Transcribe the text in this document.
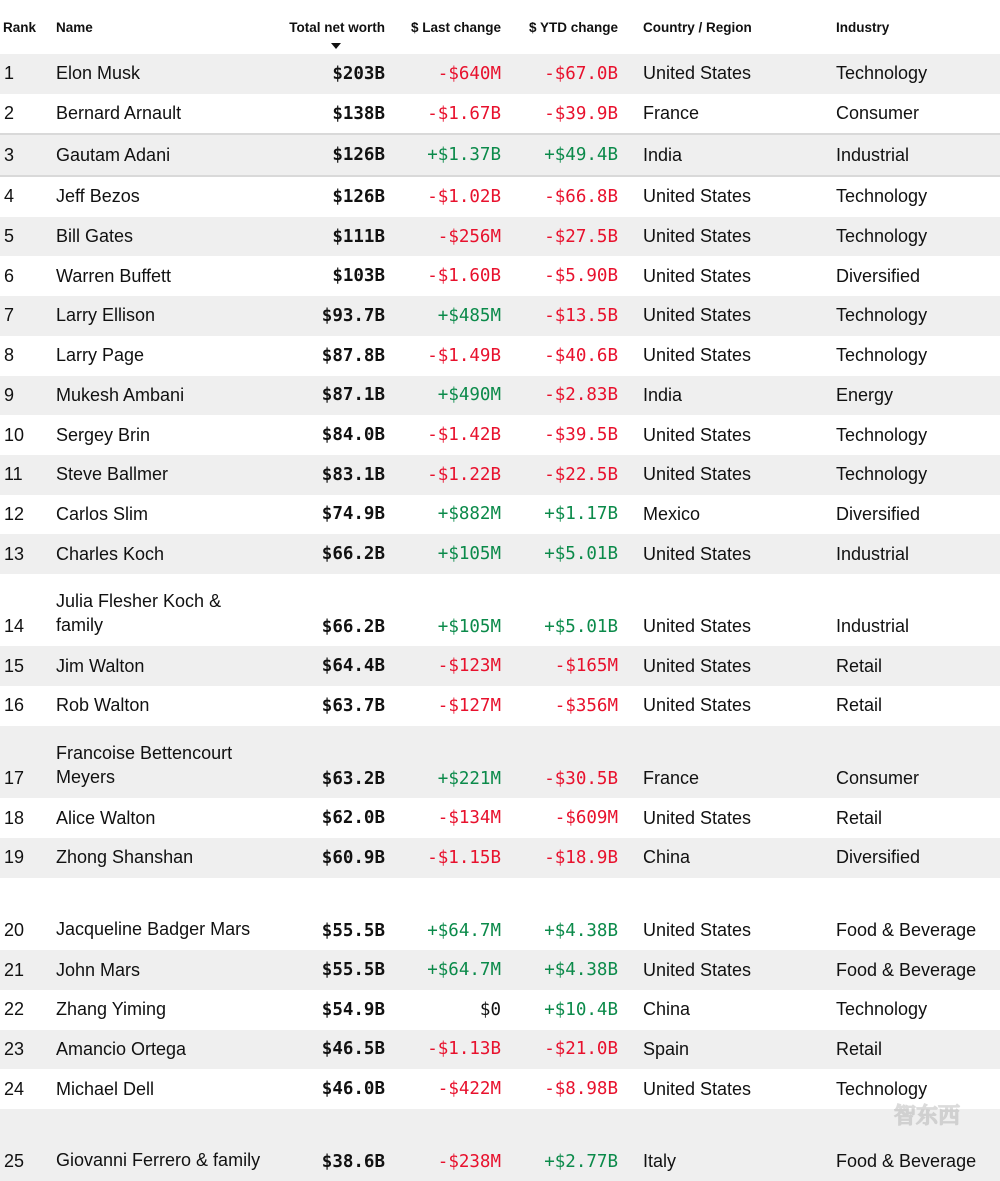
Rank	Name	Total net worth	$ Last change	$ YTD change	Country / Region	Industry
1	Elon Musk	$203B	-$640M	-$67.0B	United States	Technology
2	Bernard Arnault	$138B	-$1.67B	-$39.9B	France	Consumer
3	Gautam Adani	$126B	+$1.37B	+$49.4B	India	Industrial
4	Jeff Bezos	$126B	-$1.02B	-$66.8B	United States	Technology
5	Bill Gates	$111B	-$256M	-$27.5B	United States	Technology
6	Warren Buffett	$103B	-$1.60B	-$5.90B	United States	Diversified
7	Larry Ellison	$93.7B	+$485M	-$13.5B	United States	Technology
8	Larry Page	$87.8B	-$1.49B	-$40.6B	United States	Technology
9	Mukesh Ambani	$87.1B	+$490M	-$2.83B	India	Energy
10	Sergey Brin	$84.0B	-$1.42B	-$39.5B	United States	Technology
11	Steve Ballmer	$83.1B	-$1.22B	-$22.5B	United States	Technology
12	Carlos Slim	$74.9B	+$882M	+$1.17B	Mexico	Diversified
13	Charles Koch	$66.2B	+$105M	+$5.01B	United States	Industrial
14	Julia Flesher Koch & family	$66.2B	+$105M	+$5.01B	United States	Industrial
15	Jim Walton	$64.4B	-$123M	-$165M	United States	Retail
16	Rob Walton	$63.7B	-$127M	-$356M	United States	Retail
17	Francoise Bettencourt Meyers	$63.2B	+$221M	-$30.5B	France	Consumer
18	Alice Walton	$62.0B	-$134M	-$609M	United States	Retail
19	Zhong Shanshan	$60.9B	-$1.15B	-$18.9B	China	Diversified
20	Jacqueline Badger Mars	$55.5B	+$64.7M	+$4.38B	United States	Food & Beverage
21	John Mars	$55.5B	+$64.7M	+$4.38B	United States	Food & Beverage
22	Zhang Yiming	$54.9B	$0	+$10.4B	China	Technology
23	Amancio Ortega	$46.5B	-$1.13B	-$21.0B	Spain	Retail
24	Michael Dell	$46.0B	-$422M	-$8.98B	United States	Technology
25	Giovanni Ferrero & family	$38.6B	-$238M	+$2.77B	Italy	Food & Beverage
智东西
